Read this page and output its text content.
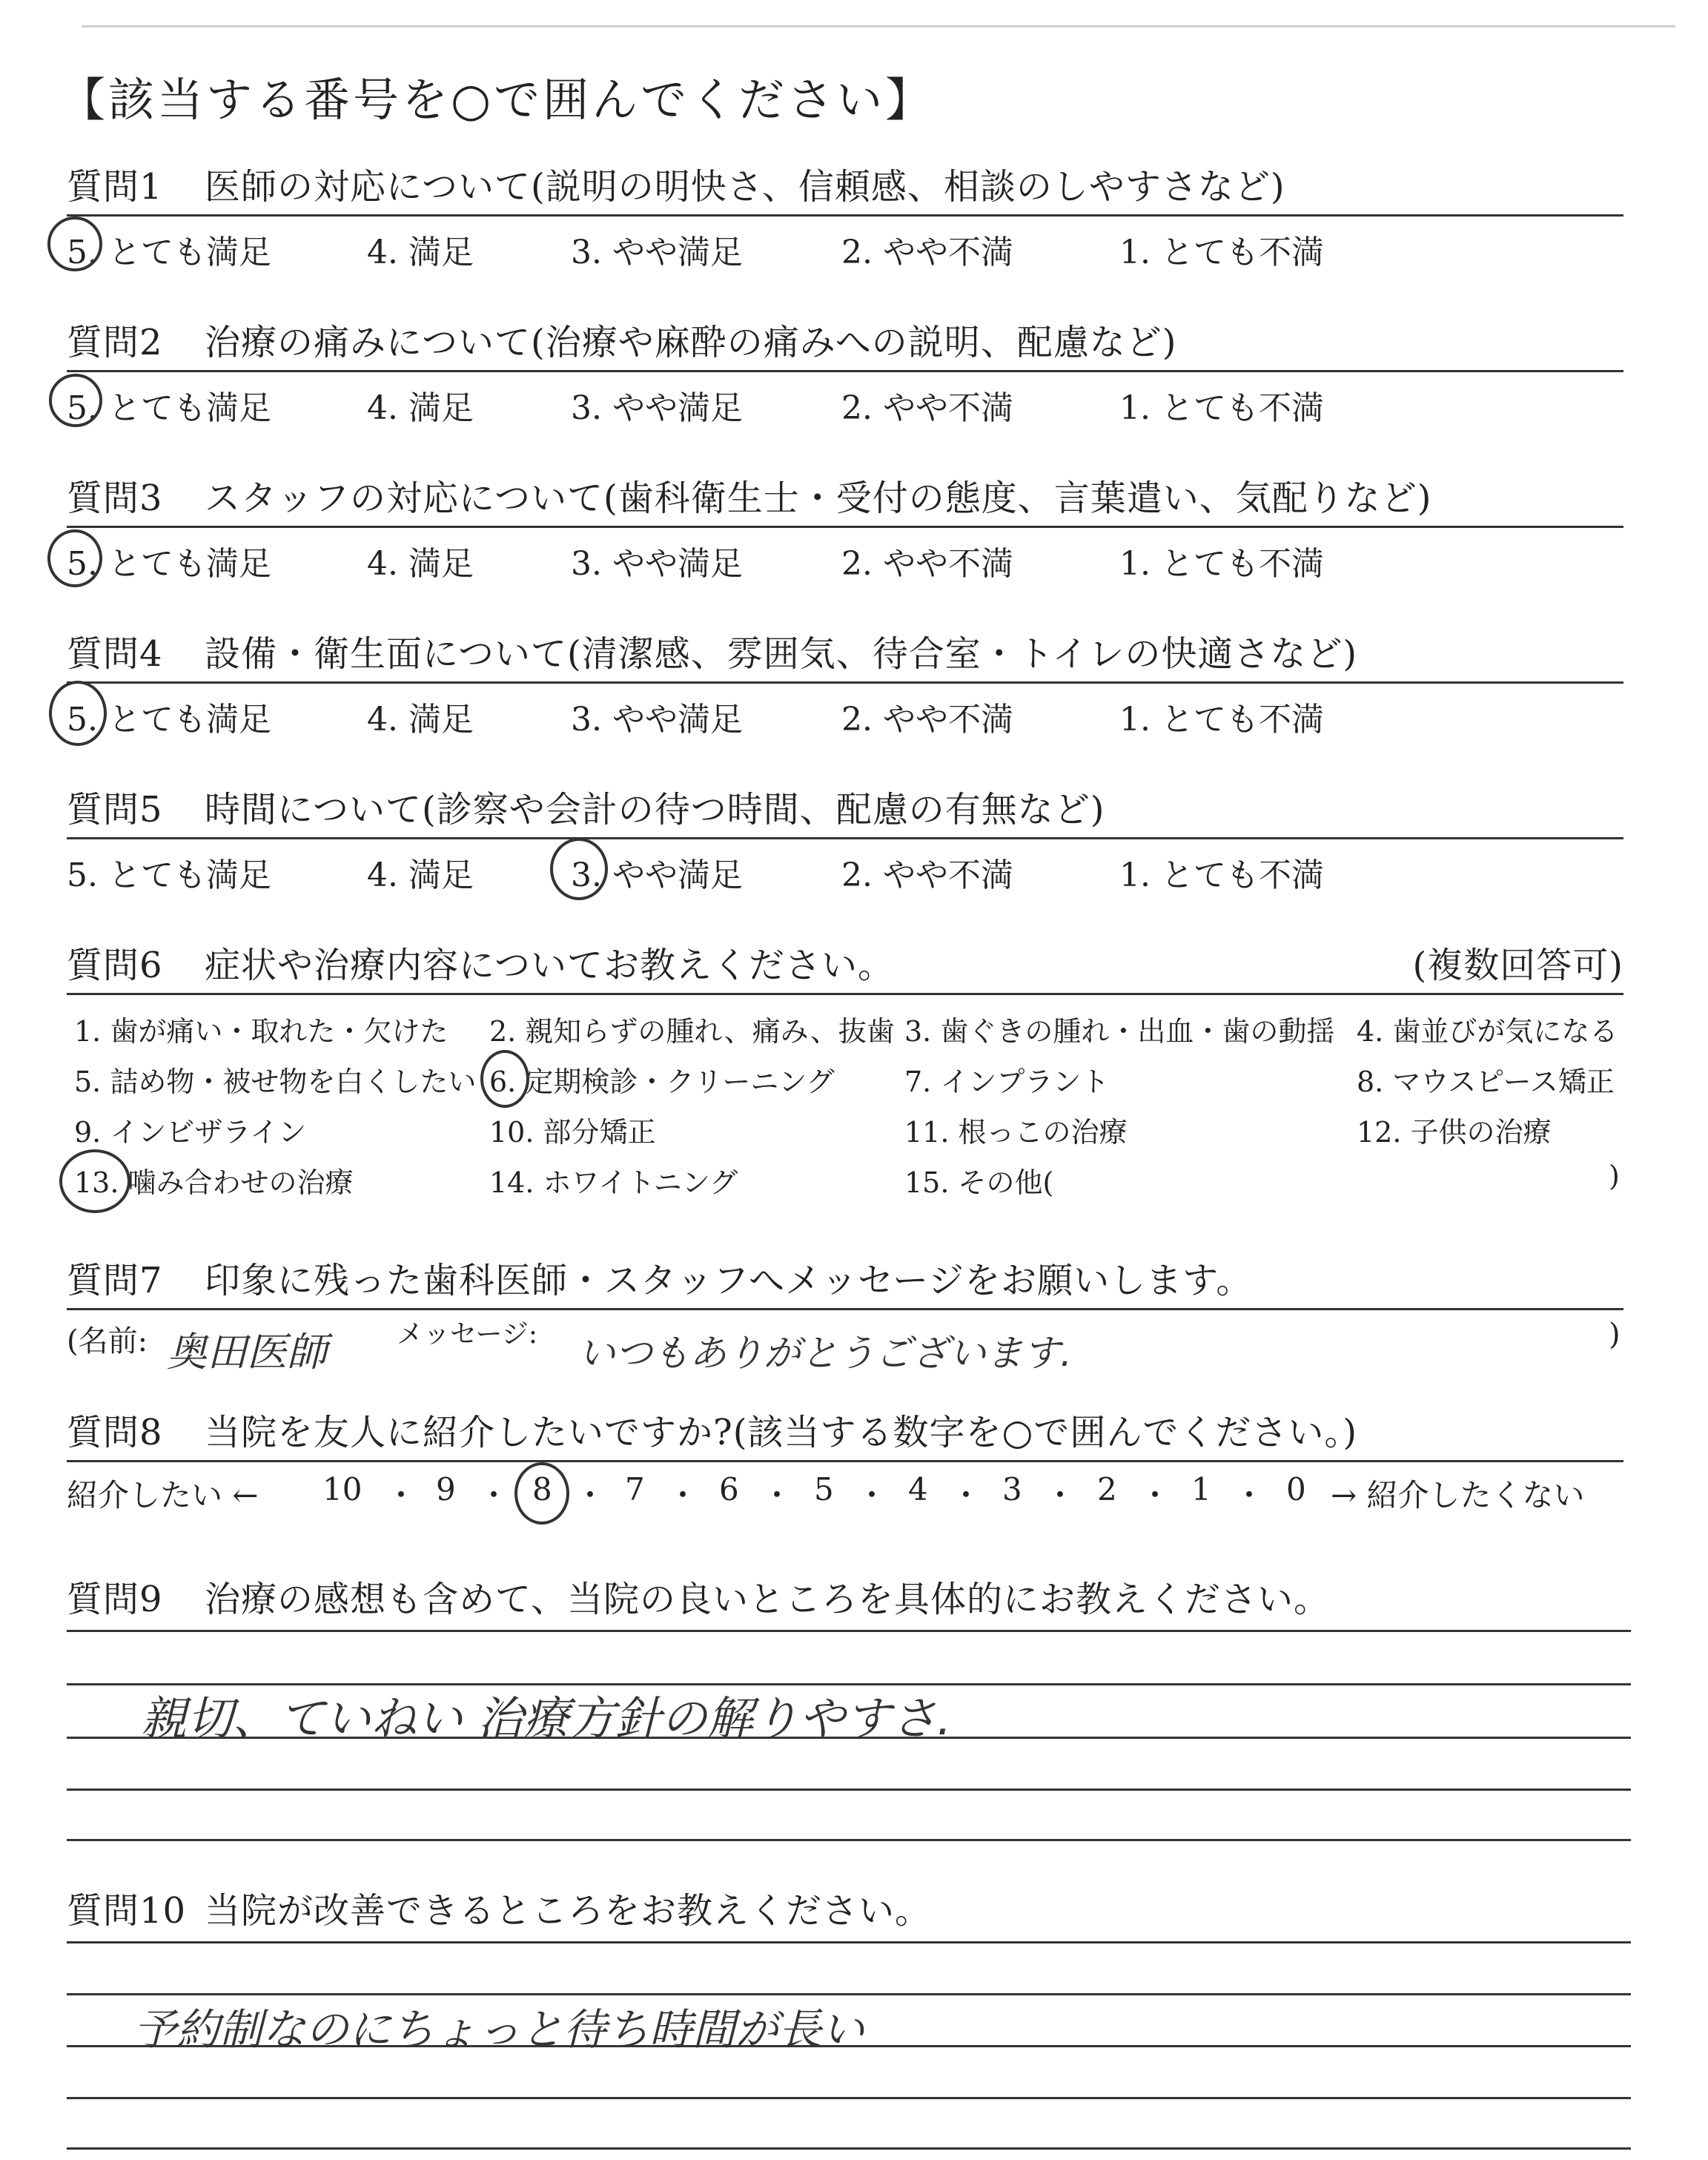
【該当する番号を○で囲んでください】
質問1 医師の対応について(説明の明快さ、信頼感、相談のしやすさなど)
5. とても満足	4. 満足	3. やや満足	2. やや不満	1. とても不満
質問2 治療の痛みについて(治療や麻酔の痛みへの説明、配慮など)
5. とても満足	4. 満足	3. やや満足	2. やや不満	1. とても不満
質問3 スタッフの対応について(歯科衛生士・受付の態度、言葉遣い、気配りなど)
5. とても満足	4. 満足	3. やや満足	2. やや不満	1. とても不満
質問4 設備・衛生面について(清潔感、雰囲気、待合室・トイレの快適さなど)
5. とても満足	4. 満足	3. やや満足	2. やや不満	1. とても不満
質問5 時間について(診察や会計の待つ時間、配慮の有無など)
5. とても満足	4. 満足	3. やや満足	2. やや不満	1. とても不満
質問6 症状や治療内容についてお教えください。	(複数回答可)
1. 歯が痛い・取れた・欠けた 2. 親知らずの腫れ、痛み、抜歯 3. 歯ぐきの腫れ・出血・歯の動揺 4. 歯並びが気になる
5. 詰め物・被せ物を白くしたい 6. 定期検診・クリーニング 7. インプラント	8. マウスピース矯正
9. インビザライン	10. 部分矯正	11. 根っこの治療	12. 子供の治療
13. 噛み合わせの治療	14. ホワイトニング	15. その他(	)
質問7 印象に残った歯科医師・スタッフへメッセージをお願いします。
(名前: 奥田医師	メッセージ: いつもありがとうございます.	)
質問8 当院を友人に紹介したいですか?(該当する数字を○で囲んでください。)
紹介したい ← 10 ・ 9 ・ 8 ・ 7 ・ 6 ・ 5 ・ 4 ・ 3 ・ 2 ・ 1 ・ 0 → 紹介したくない
質問9 治療の感想も含めて、当院の良いところを具体的にお教えください。
親切、ていねい 治療方針の解りやすさ.
質問10 当院が改善できるところをお教えください。
予約制なのにちょっと待ち時間が長い
